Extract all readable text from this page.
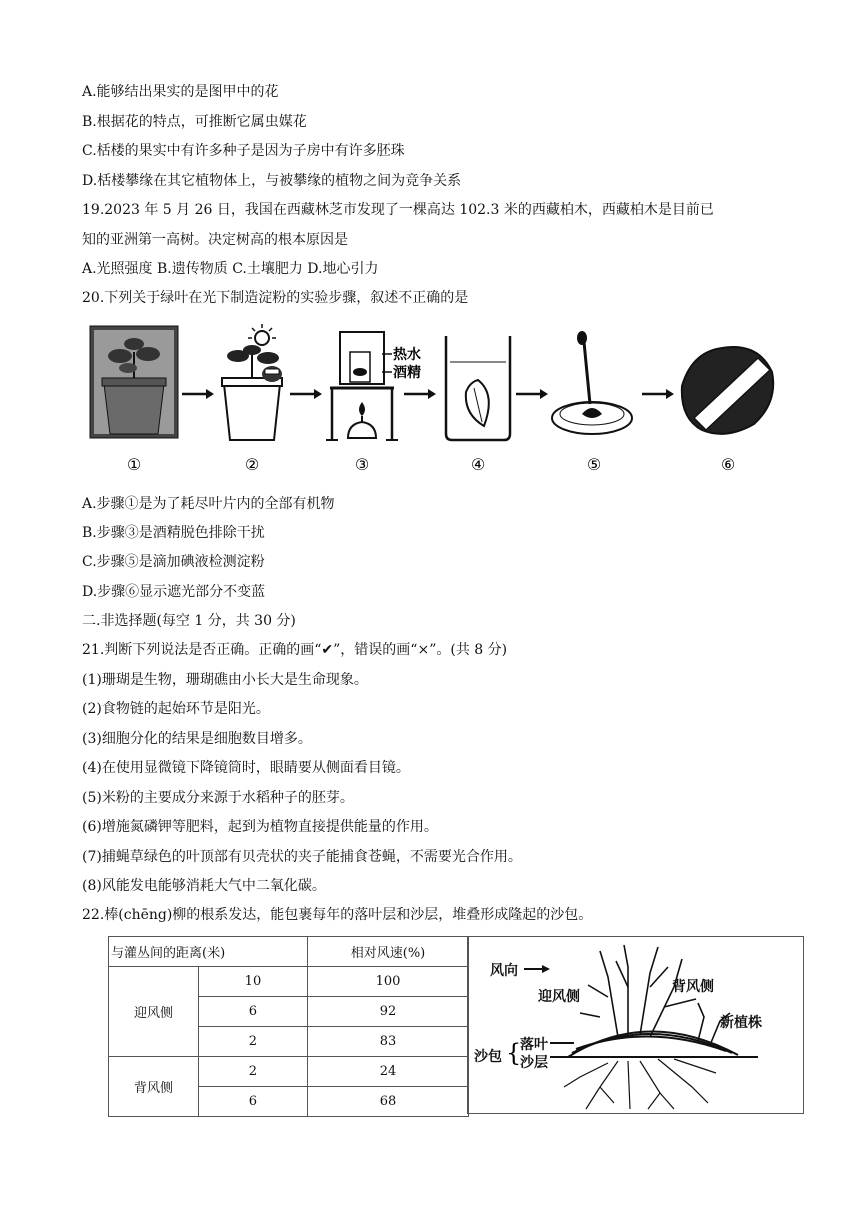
A.能够结出果实的是图甲中的花
B.根据花的特点，可推断它属虫媒花
C.栝楼的果实中有许多种子是因为子房中有许多胚珠
D.栝楼攀缘在其它植物体上，与被攀缘的植物之间为竞争关系
19.2023 年 5 月 26 日，我国在西藏林芝市发现了一棵高达 102.3 米的西藏柏木，西藏柏木是目前已
知的亚洲第一高树。决定树高的根本原因是
A.光照强度 B.遗传物质 C.土壤肥力 D.地心引力
20.下列关于绿叶在光下制造淀粉的实验步骤，叙述不正确的是
热水
酒精
①	②	③	④	⑤	⑥
A.步骤①是为了耗尽叶片内的全部有机物
B.步骤③是酒精脱色排除干扰
C.步骤⑤是滴加碘液检测淀粉
D.步骤⑥显示遮光部分不变蓝
二.非选择题(每空 1 分，共 30 分)
21.判断下列说法是否正确。正确的画“✔”，错误的画“×”。(共 8 分)
(1)珊瑚是生物，珊瑚礁由小长大是生命现象。
(2)食物链的起始环节是阳光。
(3)细胞分化的结果是细胞数目增多。
(4)在使用显微镜下降镜筒时，眼睛要从侧面看目镜。
(5)米粉的主要成分来源于水稻种子的胚芽。
(6)增施氮磷钾等肥料，起到为植物直接提供能量的作用。
(7)捕蝇草绿色的叶顶部有贝壳状的夹子能捕食苍蝇，不需要光合作用。
(8)风能发电能够消耗大气中二氧化碳。
22.棒(chēng)柳的根系发达，能包裹每年的落叶层和沙层，堆叠形成隆起的沙包。
与灌丛间的距离(米)		相对风速(%)
迎风侧	10	100
	6	92
	2	83
背风侧	2	24
	6	68
风向
迎风侧
背风侧
新植株
沙包
落叶
沙层
{
